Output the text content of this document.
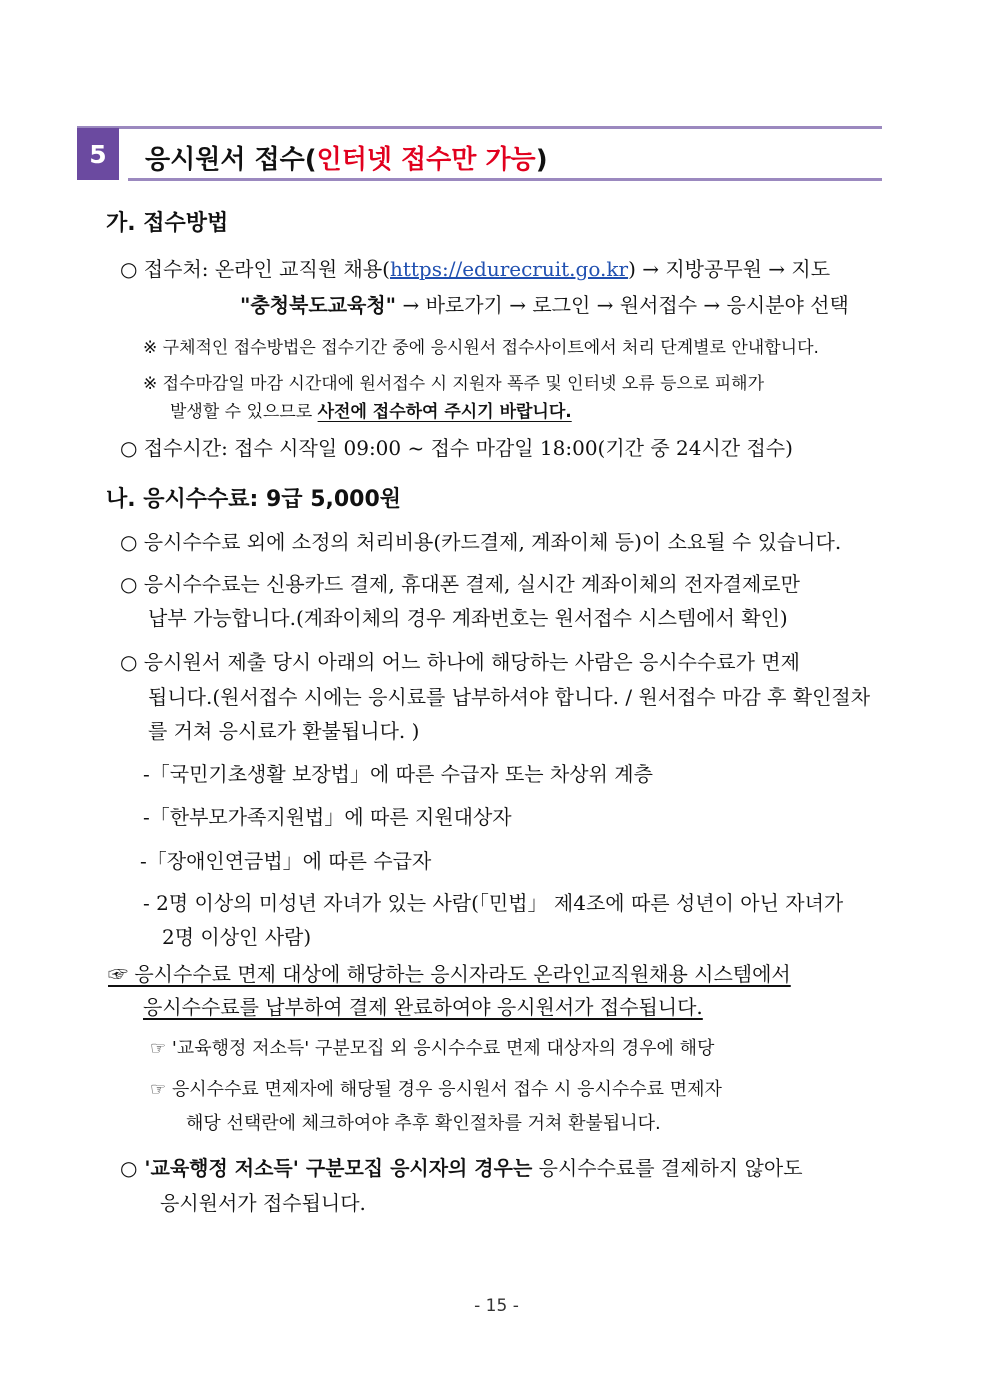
5	응시원서 접수(인터넷 접수만 가능)
가. 접수방법
○ 접수처: 온라인 교직원 채용(https://edurecruit.go.kr) → 지방공무원 → 지도
"충청북도교육청" → 바로가기 → 로그인 → 원서접수 → 응시분야 선택
※ 구체적인 접수방법은 접수기간 중에 응시원서 접수사이트에서 처리 단계별로 안내합니다.
※ 접수마감일 마감 시간대에 원서접수 시 지원자 폭주 및 인터넷 오류 등으로 피해가
발생할 수 있으므로 사전에 접수하여 주시기 바랍니다.
○ 접수시간: 접수 시작일 09:00 ~ 접수 마감일 18:00(기간 중 24시간 접수)
나. 응시수수료: 9급 5,000원
○ 응시수수료 외에 소정의 처리비용(카드결제, 계좌이체 등)이 소요될 수 있습니다.
○ 응시수수료는 신용카드 결제, 휴대폰 결제, 실시간 계좌이체의 전자결제로만
납부 가능합니다.(계좌이체의 경우 계좌번호는 원서접수 시스템에서 확인)
○ 응시원서 제출 당시 아래의 어느 하나에 해당하는 사람은 응시수수료가 면제
됩니다.(원서접수 시에는 응시료를 납부하셔야 합니다. / 원서접수 마감 후 확인절차
를 거쳐 응시료가 환불됩니다. )
-「국민기초생활 보장법」에 따른 수급자 또는 차상위 계층
-「한부모가족지원법」에 따른 지원대상자
-「장애인연금법」에 따른 수급자
- 2명 이상의 미성년 자녀가 있는 사람(「민법」 제4조에 따른 성년이 아닌 자녀가
2명 이상인 사람)
☞ 응시수수료 면제 대상에 해당하는 응시자라도 온라인교직원채용 시스템에서
응시수수료를 납부하여 결제 완료하여야 응시원서가 접수됩니다.
☞ '교육행정 저소득' 구분모집 외 응시수수료 면제 대상자의 경우에 해당
☞ 응시수수료 면제자에 해당될 경우 응시원서 접수 시 응시수수료 면제자
해당 선택란에 체크하여야 추후 확인절차를 거쳐 환불됩니다.
○ '교육행정 저소득' 구분모집 응시자의 경우는 응시수수료를 결제하지 않아도
응시원서가 접수됩니다.
- 15 -
